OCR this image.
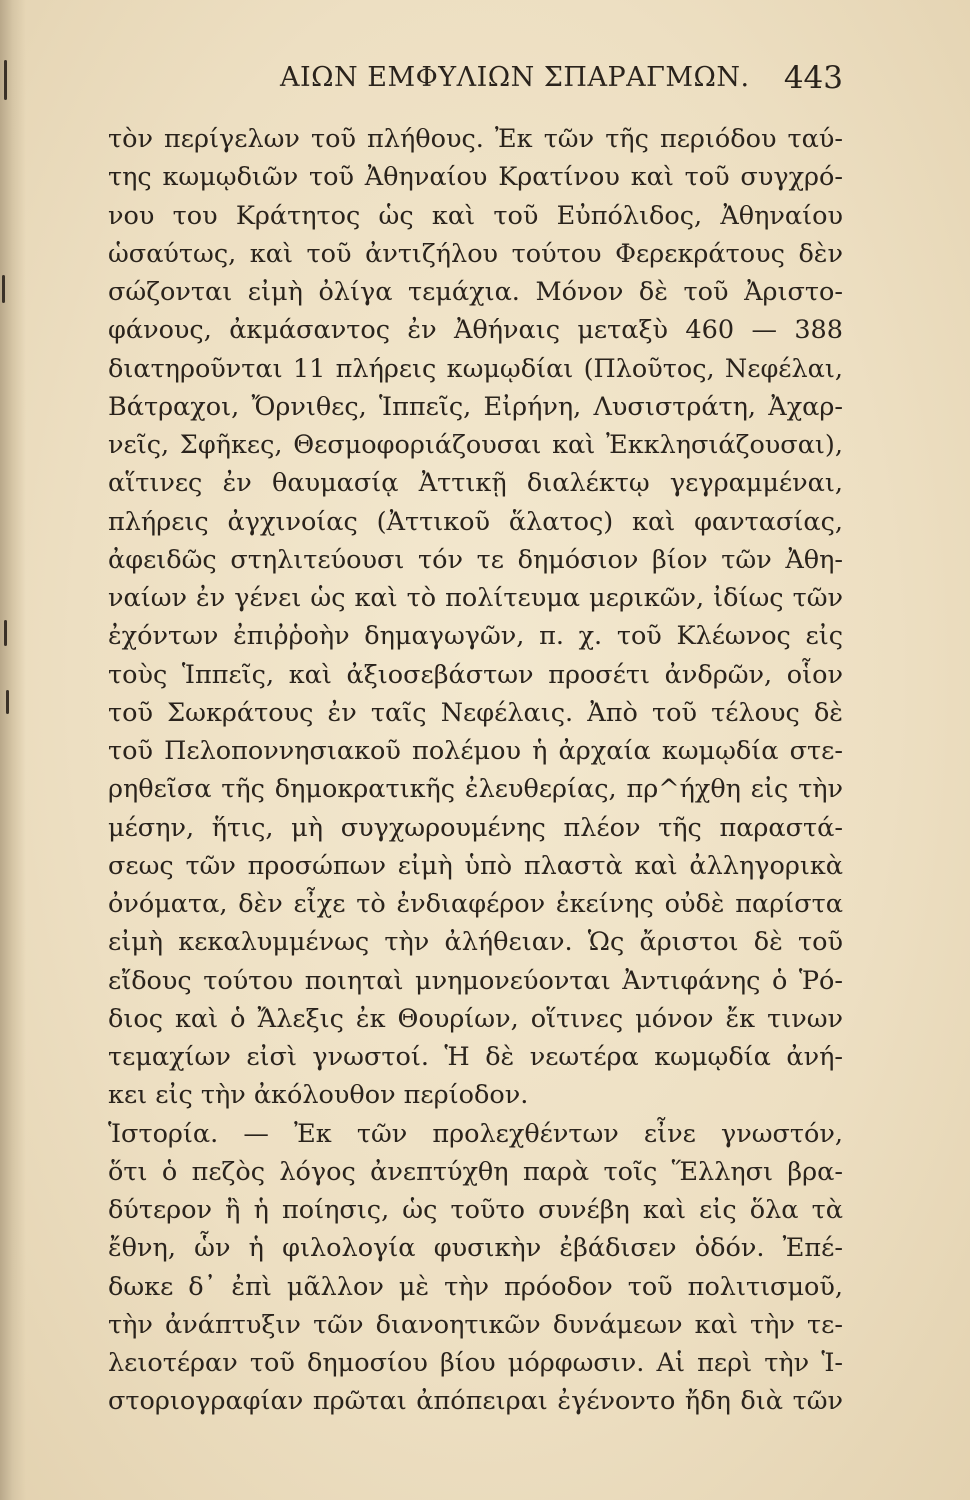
ΑΙΩΝ ΕΜΦΥΛΙΩΝ ΣΠΑΡΑΓΜΩΝ. 443
τὸν περίγελων τοῦ πλήθους. Ἐκ τῶν τῆς περιόδου ταύ-
της κωμῳδιῶν τοῦ Ἀθηναίου Κρατίνου καὶ τοῦ συγχρό-
νου του Κράτητος ὡς καὶ τοῦ Εὐπόλιδος, Ἀθηναίου
ὡσαύτως, καὶ τοῦ ἀντιζήλου τούτου Φερεκράτους δὲν
σώζονται εἰμὴ ὀλίγα τεμάχια. Μόνον δὲ τοῦ Ἀριστο-
φάνους, ἀκμάσαντος ἐν Ἀθήναις μεταξὺ 460 — 388
διατηροῦνται 11 πλήρεις κωμῳδίαι (Πλοῦτος, Νεφέλαι,
Βάτραχοι, Ὄρνιθες, Ἱππεῖς, Εἰρήνη, Λυσιστράτη, Ἀχαρ-
νεῖς, Σφῆκες, Θεσμοφοριάζουσαι καὶ Ἐκκλησιάζουσαι),
αἵτινες ἐν θαυμασίᾳ Ἀττικῇ διαλέκτῳ γεγραμμέναι,
πλήρεις ἀγχινοίας (Ἀττικοῦ ἅλατος) καὶ φαντασίας,
ἀφειδῶς στηλιτεύουσι τόν τε δημόσιον βίον τῶν Ἀθη-
ναίων ἐν γένει ὡς καὶ τὸ πολίτευμα μερικῶν, ἰδίως τῶν
ἐχόντων ἐπιῤῥοὴν δημαγωγῶν, π. χ. τοῦ Κλέωνος εἰς
τοὺς Ἱππεῖς, καὶ ἀξιοσεβάστων προσέτι ἀνδρῶν, οἷον
τοῦ Σωκράτους ἐν ταῖς Νεφέλαις. Ἀπὸ τοῦ τέλους δὲ
τοῦ Πελοποννησιακοῦ πολέμου ἡ ἀρχαία κωμῳδία στε-
ρηθεῖσα τῆς δημοκρατικῆς ἐλευθερίας, πρ^ήχθη εἰς τὴν
μέσην, ἥτις, μὴ συγχωρουμένης πλέον τῆς παραστά-
σεως τῶν προσώπων εἰμὴ ὑπὸ πλαστὰ καὶ ἀλληγορικὰ
ὀνόματα, δὲν εἶχε τὸ ἐνδιαφέρον ἐκείνης οὐδὲ παρίστα
εἰμὴ κεκαλυμμένως τὴν ἀλήθειαν. Ὡς ἄριστοι δὲ τοῦ
εἴδους τούτου ποιηταὶ μνημονεύονται Ἀντιφάνης ὁ Ῥό-
διος καὶ ὁ Ἄλεξις ἐκ Θουρίων, οἵτινες μόνον ἔκ τινων
τεμαχίων εἰσὶ γνωστοί. Ἡ δὲ νεωτέρα κωμῳδία ἀνή-
κει εἰς τὴν ἀκόλουθον περίοδον.
Ἱστορία. — Ἐκ τῶν προλεχθέντων εἶνε γνωστόν,
ὅτι ὁ πεζὸς λόγος ἀνεπτύχθη παρὰ τοῖς Ἕλλησι βρα-
δύτερον ἢ ἡ ποίησις, ὡς τοῦτο συνέβη καὶ εἰς ὅλα τὰ
ἔθνη, ὧν ἡ φιλολογία φυσικὴν ἐβάδισεν ὁδόν. Ἐπέ-
δωκε δ᾽ ἐπὶ μᾶλλον μὲ τὴν πρόοδον τοῦ πολιτισμοῦ,
τὴν ἀνάπτυξιν τῶν διανοητικῶν δυνάμεων καὶ τὴν τε-
λειοτέραν τοῦ δημοσίου βίου μόρφωσιν. Αἱ περὶ τὴν Ἱ-
στοριογραφίαν πρῶται ἀπόπειραι ἐγένοντο ἤδη διὰ τῶν
